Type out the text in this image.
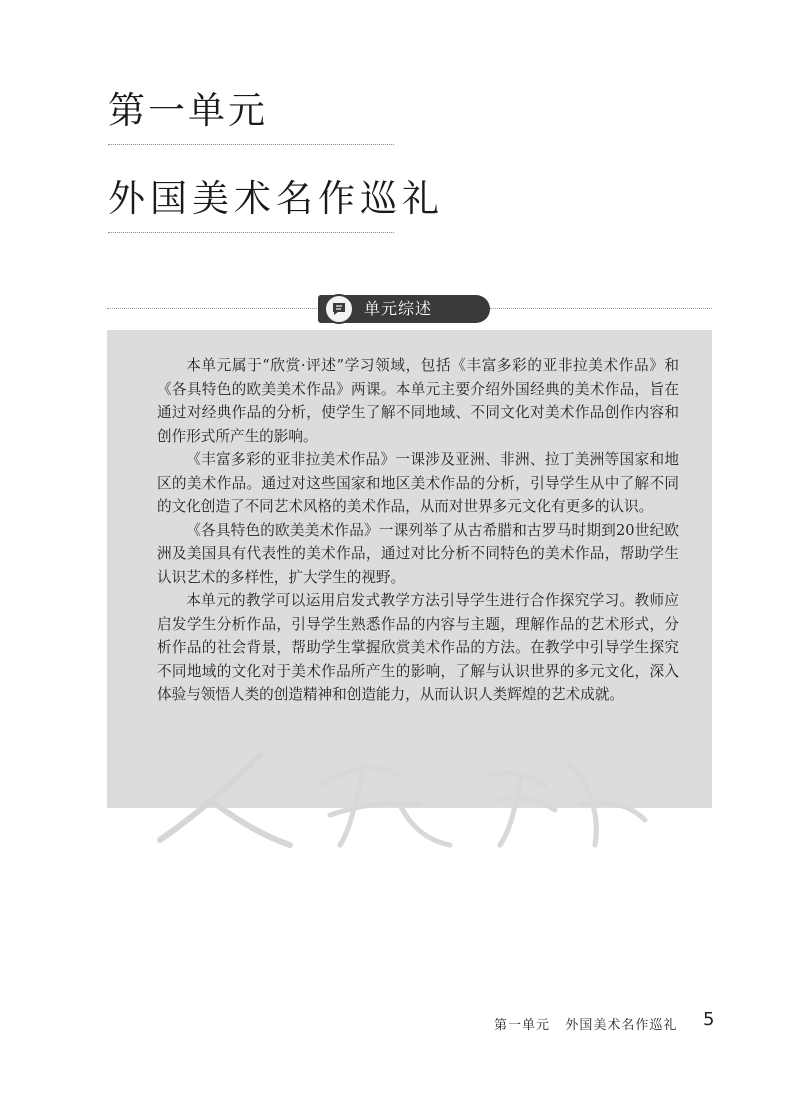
第一单元
外国美术名作巡礼
单元综述

本单元属于“欣赏·评述”学习领域，包括《丰富多彩的亚非拉美术作品》和《各具特色的欧美美术作品》两课。本单元主要介绍外国经典的美术作品，旨在通过对经典作品的分析，使学生了解不同地域、不同文化对美术作品创作内容和创作形式所产生的影响。

《丰富多彩的亚非拉美术作品》一课涉及亚洲、非洲、拉丁美洲等国家和地区的美术作品。通过对这些国家和地区美术作品的分析，引导学生从中了解不同的文化创造了不同艺术风格的美术作品，从而对世界多元文化有更多的认识。

《各具特色的欧美美术作品》一课列举了从古希腊和古罗马时期到20世纪欧洲及美国具有代表性的美术作品，通过对比分析不同特色的美术作品，帮助学生认识艺术的多样性，扩大学生的视野。

本单元的教学可以运用启发式教学方法引导学生进行合作探究学习。教师应启发学生分析作品，引导学生熟悉作品的内容与主题，理解作品的艺术形式，分析作品的社会背景，帮助学生掌握欣赏美术作品的方法。在教学中引导学生探究不同地域的文化对于美术作品所产生的影响，了解与认识世界的多元文化，深入体验与领悟人类的创造精神和创造能力，从而认识人类辉煌的艺术成就。

第一单元   外国美术名作巡礼 5
